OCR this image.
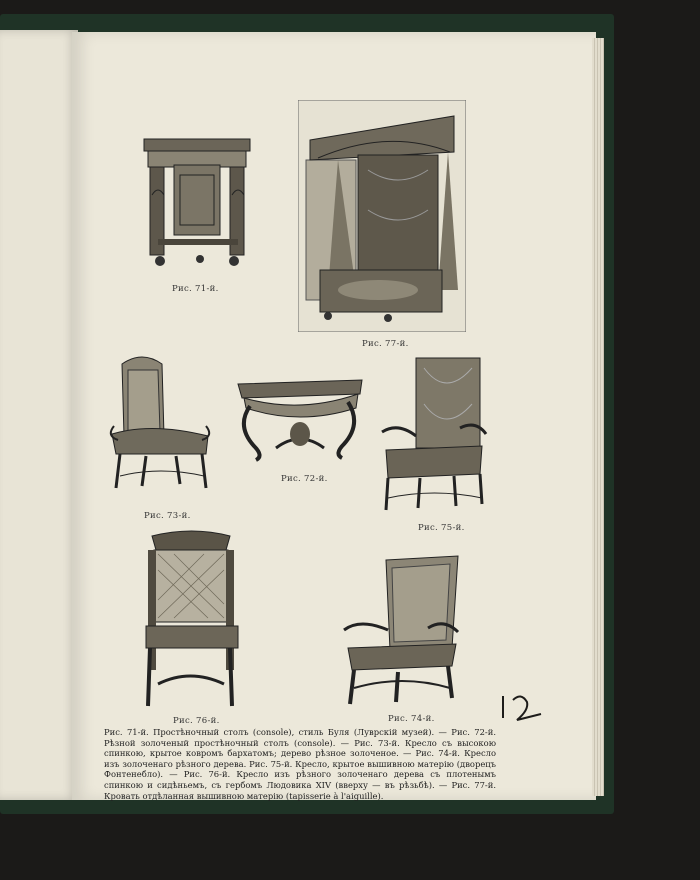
Рис. 71-й.
Рис. 77-й.
Рис. 73-й.
Рис. 72-й.
Рис. 75-й.
Рис. 76-й.	Рис. 74-й.
Рис. 71-й. Простѣночный столъ (console), стиль Буля (Луврскій музей). — Рис. 72-й. Рѣзной золоченый простѣночный столъ (console). — Рис. 73-й. Кресло съ высокою спинкою, крытое ковромъ бархатомъ; дерево рѣзное золоченое. — Рис. 74-й. Кресло изъ золоченаго рѣзного дерева. Рис. 75-й. Кресло, крытое вышивною матерію (дворецъ Фонтенебло). — Рис. 76-й. Кресло изъ рѣзного золоченаго дерева съ плотенымъ спинкою и сидѣньемъ, съ гербомъ Людовика XIV (вверху — въ рѣзьбѣ). — Рис. 77-й. Кровать отдѣланная вышивною матерію (tapisserie à l'aiguille).
